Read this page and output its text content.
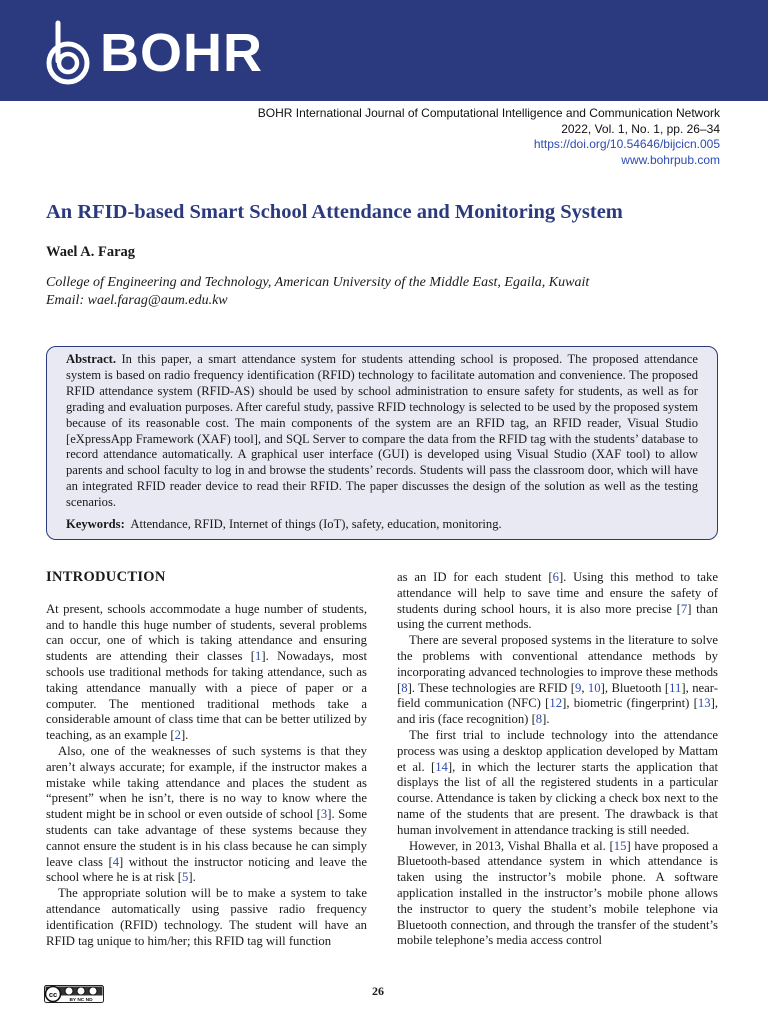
BOHR
BOHR International Journal of Computational Intelligence and Communication Network
2022, Vol. 1, No. 1, pp. 26–34
https://doi.org/10.54646/bijcicn.005
www.bohrpub.com
An RFID-based Smart School Attendance and Monitoring System
Wael A. Farag
College of Engineering and Technology, American University of the Middle East, Egaila, Kuwait
Email: wael.farag@aum.edu.kw

Abstract. In this paper, a smart attendance system for students attending school is proposed. The proposed attendance system is based on radio frequency identification (RFID) technology to facilitate automation and convenience. The proposed RFID attendance system (RFID-AS) should be used by school administration to ensure safety for students, as well as for grading and evaluation purposes. After careful study, passive RFID technology is selected to be used by the proposed system because of its reasonable cost. The main components of the system are an RFID tag, an RFID reader, Visual Studio [eXpressApp Framework (XAF) tool], and SQL Server to compare the data from the RFID tag with the students’ database to record attendance automatically. A graphical user interface (GUI) is developed using Visual Studio (XAF tool) to allow parents and school faculty to log in and browse the students’ records. Students will pass the classroom door, which will have an integrated RFID reader device to read their RFID. The paper discusses the design of the solution as well as the testing scenarios.

Keywords: Attendance, RFID, Internet of things (IoT), safety, education, monitoring.

INTRODUCTION

At present, schools accommodate a huge number of students, and to handle this huge number of students, several problems can occur, one of which is taking attendance and ensuring students are attending their classes [1]. Nowadays, most schools use traditional methods for taking attendance, such as taking attendance manually with a piece of paper or a computer. The mentioned traditional methods take a considerable amount of class time that can be better utilized by teaching, as an example [2].

Also, one of the weaknesses of such systems is that they aren’t always accurate; for example, if the instructor makes a mistake while taking attendance and places the student as “present” when he isn’t, there is no way to know where the student might be in school or even outside of school [3]. Some students can take advantage of these systems because they cannot ensure the student is in his class because he can simply leave class [4] without the instructor noticing and leave the school where he is at risk [5].

The appropriate solution will be to make a system to take attendance automatically using passive radio frequency identification (RFID) technology. The student will have an RFID tag unique to him/her; this RFID tag will function

as an ID for each student [6]. Using this method to take attendance will help to save time and ensure the safety of students during school hours, it is also more precise [7] than using the current methods.

There are several proposed systems in the literature to solve the problems with conventional attendance methods by incorporating advanced technologies to improve these methods [8]. These technologies are RFID [9, 10], Bluetooth [11], near-field communication (NFC) [12], biometric (fingerprint) [13], and iris (face recognition) [8].

The first trial to include technology into the attendance process was using a desktop application developed by Mattam et al. [14], in which the lecturer starts the application that displays the list of all the registered students in a particular course. Attendance is taken by clicking a check box next to the name of the students that are present. The drawback is that human involvement in attendance tracking is still needed.

However, in 2013, Vishal Bhalla et al. [15] have proposed a Bluetooth-based attendance system in which attendance is taken using the instructor’s mobile phone. A software application installed in the instructor’s mobile phone allows the instructor to query the student’s mobile telephone via Bluetooth connection, and through the transfer of the student’s mobile telephone’s media access control

cc
BY NC ND
26
